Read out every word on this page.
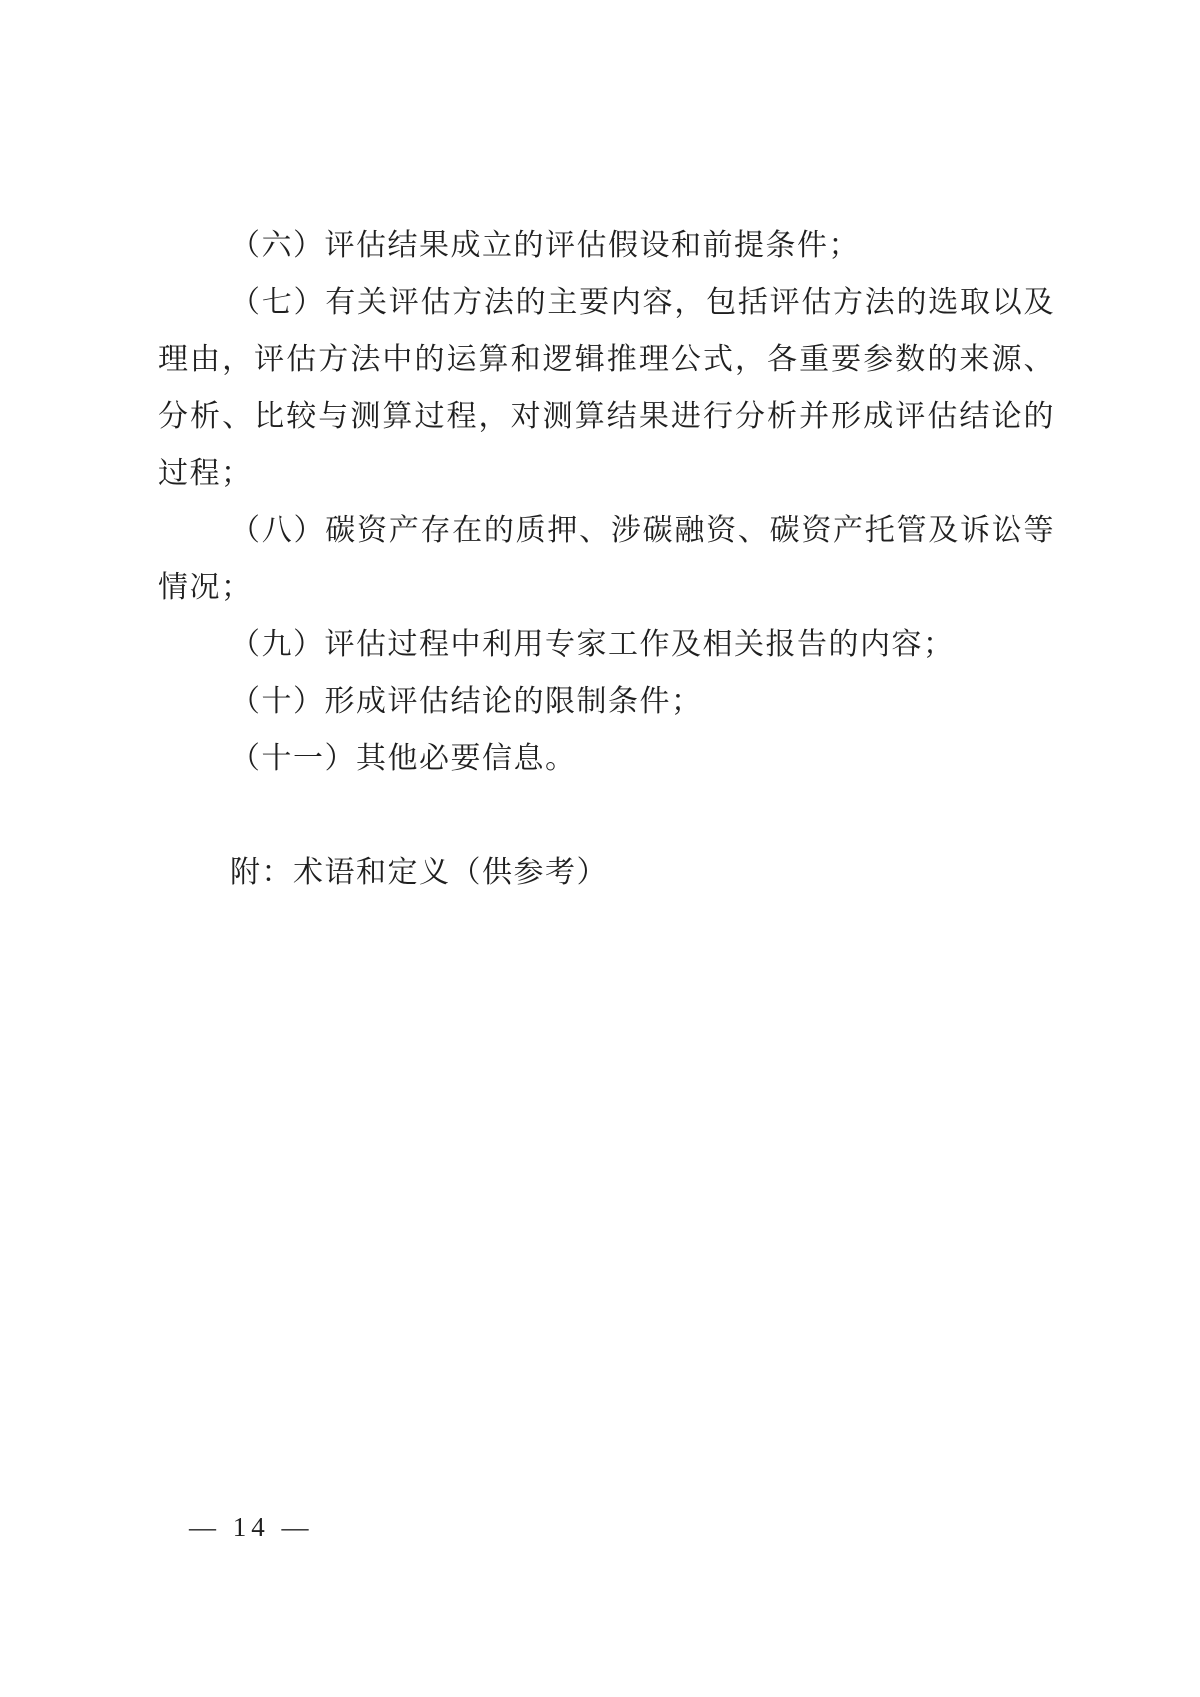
（六）评估结果成立的评估假设和前提条件；

（七）有关评估方法的主要内容，包括评估方法的选取以及理由，评估方法中的运算和逻辑推理公式，各重要参数的来源、分析、比较与测算过程，对测算结果进行分析并形成评估结论的过程；

（八）碳资产存在的质押、涉碳融资、碳资产托管及诉讼等情况；

（九）评估过程中利用专家工作及相关报告的内容；

（十）形成评估结论的限制条件；

（十一）其他必要信息。

附：术语和定义（供参考）

— 14 —
